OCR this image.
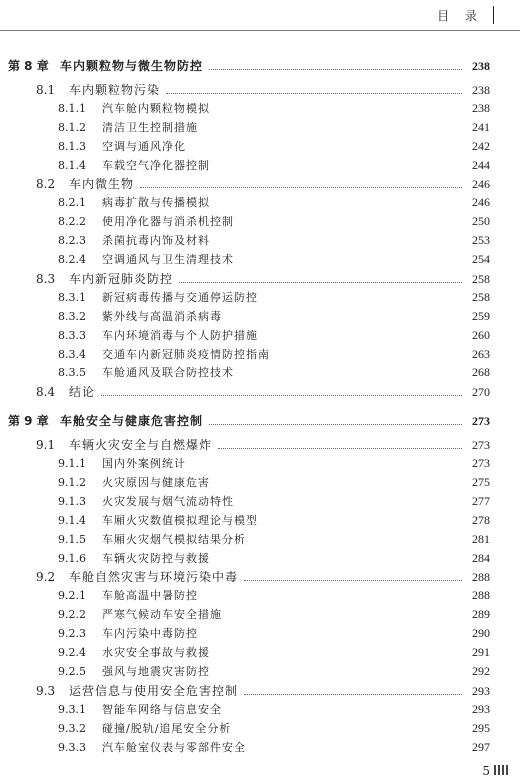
目 录
第 8 章 车内颗粒物与微生物防控	238
8.1	车内颗粒物污染	238
8.1.1	汽车舱内颗粒物模拟	238
8.1.2	清洁卫生控制措施	241
8.1.3	空调与通风净化	242
8.1.4	车载空气净化器控制	244
8.2	车内微生物	246
8.2.1	病毒扩散与传播模拟	246
8.2.2	使用净化器与消杀机控制	250
8.2.3	杀菌抗毒内饰及材料	253
8.2.4	空调通风与卫生清理技术	254
8.3	车内新冠肺炎防控	258
8.3.1	新冠病毒传播与交通停运防控	258
8.3.2	紫外线与高温消杀病毒	259
8.3.3	车内环境消毒与个人防护措施	260
8.3.4	交通车内新冠肺炎疫情防控指南	263
8.3.5	车舱通风及联合防控技术	268
8.4	结论	270
第 9 章 车舱安全与健康危害控制	273
9.1	车辆火灾安全与自燃爆炸	273
9.1.1	国内外案例统计	273
9.1.2	火灾原因与健康危害	275
9.1.3	火灾发展与烟气流动特性	277
9.1.4	车厢火灾数值模拟理论与模型	278
9.1.5	车厢火灾烟气模拟结果分析	281
9.1.6	车辆火灾防控与救援	284
9.2	车舱自然灾害与环境污染中毒	288
9.2.1	车舱高温中暑防控	288
9.2.2	严寒气候动车安全措施	289
9.2.3	车内污染中毒防控	290
9.2.4	水灾安全事故与救援	291
9.2.5	强风与地震灾害防控	292
9.3	运营信息与使用安全危害控制	293
9.3.1	智能车网络与信息安全	293
9.3.2	碰撞/脱轨/追尾安全分析	295
9.3.3	汽车舱室仪表与零部件安全	297
5
